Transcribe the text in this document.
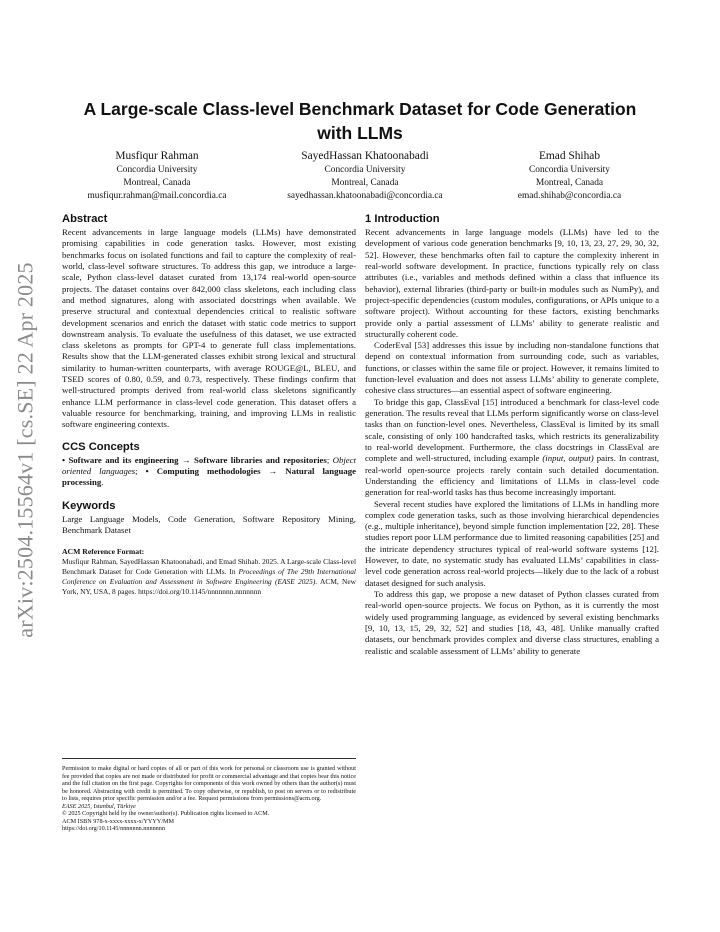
arXiv:2504.15564v1 [cs.SE] 22 Apr 2025
A Large-scale Class-level Benchmark Dataset for Code Generation with LLMs
Musfiqur Rahman
Concordia University
Montreal, Canada
musfiqur.rahman@mail.concordia.ca
SayedHassan Khatoonabadi
Concordia University
Montreal, Canada
sayedhassan.khatoonabadi@concordia.ca
Emad Shihab
Concordia University
Montreal, Canada
emad.shihab@concordia.ca
Abstract

Recent advancements in large language models (LLMs) have demonstrated promising capabilities in code generation tasks. However, most existing benchmarks focus on isolated functions and fail to capture the complexity of real-world, class-level software structures. To address this gap, we introduce a large-scale, Python class-level dataset curated from 13,174 real-world open-source projects. The dataset contains over 842,000 class skeletons, each including class and method signatures, along with associated docstrings when available. We preserve structural and contextual dependencies critical to realistic software development scenarios and enrich the dataset with static code metrics to support downstream analysis. To evaluate the usefulness of this dataset, we use extracted class skeletons as prompts for GPT-4 to generate full class implementations. Results show that the LLM-generated classes exhibit strong lexical and structural similarity to human-written counterparts, with average ROUGE@L, BLEU, and TSED scores of 0.80, 0.59, and 0.73, respectively. These findings confirm that well-structured prompts derived from real-world class skeletons significantly enhance LLM performance in class-level code generation. This dataset offers a valuable resource for benchmarking, training, and improving LLMs in realistic software engineering contexts.

CCS Concepts

• Software and its engineering → Software libraries and repositories; Object oriented languages; • Computing methodologies → Natural language processing.

Keywords

Large Language Models, Code Generation, Software Repository Mining, Benchmark Dataset

ACM Reference Format:

Musfiqur Rahman, SayedHassan Khatoonabadi, and Emad Shihab. 2025. A Large-scale Class-level Benchmark Dataset for Code Generation with LLMs. In Proceedings of The 29th International Conference on Evaluation and Assessment in Software Engineering (EASE 2025). ACM, New York, NY, USA, 8 pages. https://doi.org/10.1145/nnnnnnn.nnnnnnn

Permission to make digital or hard copies of all or part of this work for personal or classroom use is granted without fee provided that copies are not made or distributed for profit or commercial advantage and that copies bear this notice and the full citation on the first page. Copyrights for components of this work owned by others than the author(s) must be honored. Abstracting with credit is permitted. To copy otherwise, or republish, to post on servers or to redistribute to lists, requires prior specific permission and/or a fee. Request permissions from permissions@acm.org.

EASE 2025, Istanbul, Türkiye

© 2025 Copyright held by the owner/author(s). Publication rights licensed to ACM.

ACM ISBN 978-x-xxxx-xxxx-x/YYYY/MM

https://doi.org/10.1145/nnnnnnn.nnnnnnn

1 Introduction

Recent advancements in large language models (LLMs) have led to the development of various code generation benchmarks [9, 10, 13, 23, 27, 29, 30, 32, 52]. However, these benchmarks often fail to capture the complexity inherent in real-world software development. In practice, functions typically rely on class attributes (i.e., variables and methods defined within a class that influence its behavior), external libraries (third-party or built-in modules such as NumPy), and project-specific dependencies (custom modules, configurations, or APIs unique to a software project). Without accounting for these factors, existing benchmarks provide only a partial assessment of LLMs’ ability to generate realistic and structurally coherent code.

CoderEval [53] addresses this issue by including non-standalone functions that depend on contextual information from surrounding code, such as variables, functions, or classes within the same file or project. However, it remains limited to function-level evaluation and does not assess LLMs’ ability to generate complete, cohesive class structures—an essential aspect of software engineering.

To bridge this gap, ClassEval [15] introduced a benchmark for class-level code generation. The results reveal that LLMs perform significantly worse on class-level tasks than on function-level ones. Nevertheless, ClassEval is limited by its small scale, consisting of only 100 handcrafted tasks, which restricts its generalizability to real-world development. Furthermore, the class docstrings in ClassEval are complete and well-structured, including example (input, output) pairs. In contrast, real-world open-source projects rarely contain such detailed documentation. Understanding the efficiency and limitations of LLMs in class-level code generation for real-world tasks has thus become increasingly important.

Several recent studies have explored the limitations of LLMs in handling more complex code generation tasks, such as those involving hierarchical dependencies (e.g., multiple inheritance), beyond simple function implementation [22, 28]. These studies report poor LLM performance due to limited reasoning capabilities [25] and the intricate dependency structures typical of real-world software systems [12]. However, to date, no systematic study has evaluated LLMs’ capabilities in class-level code generation across real-world projects—likely due to the lack of a robust dataset designed for such analysis.

To address this gap, we propose a new dataset of Python classes curated from real-world open-source projects. We focus on Python, as it is currently the most widely used programming language, as evidenced by several existing benchmarks [9, 10, 13, 15, 29, 32, 52] and studies [18, 43, 48]. Unlike manually crafted datasets, our benchmark provides complex and diverse class structures, enabling a realistic and scalable assessment of LLMs’ ability to generate
